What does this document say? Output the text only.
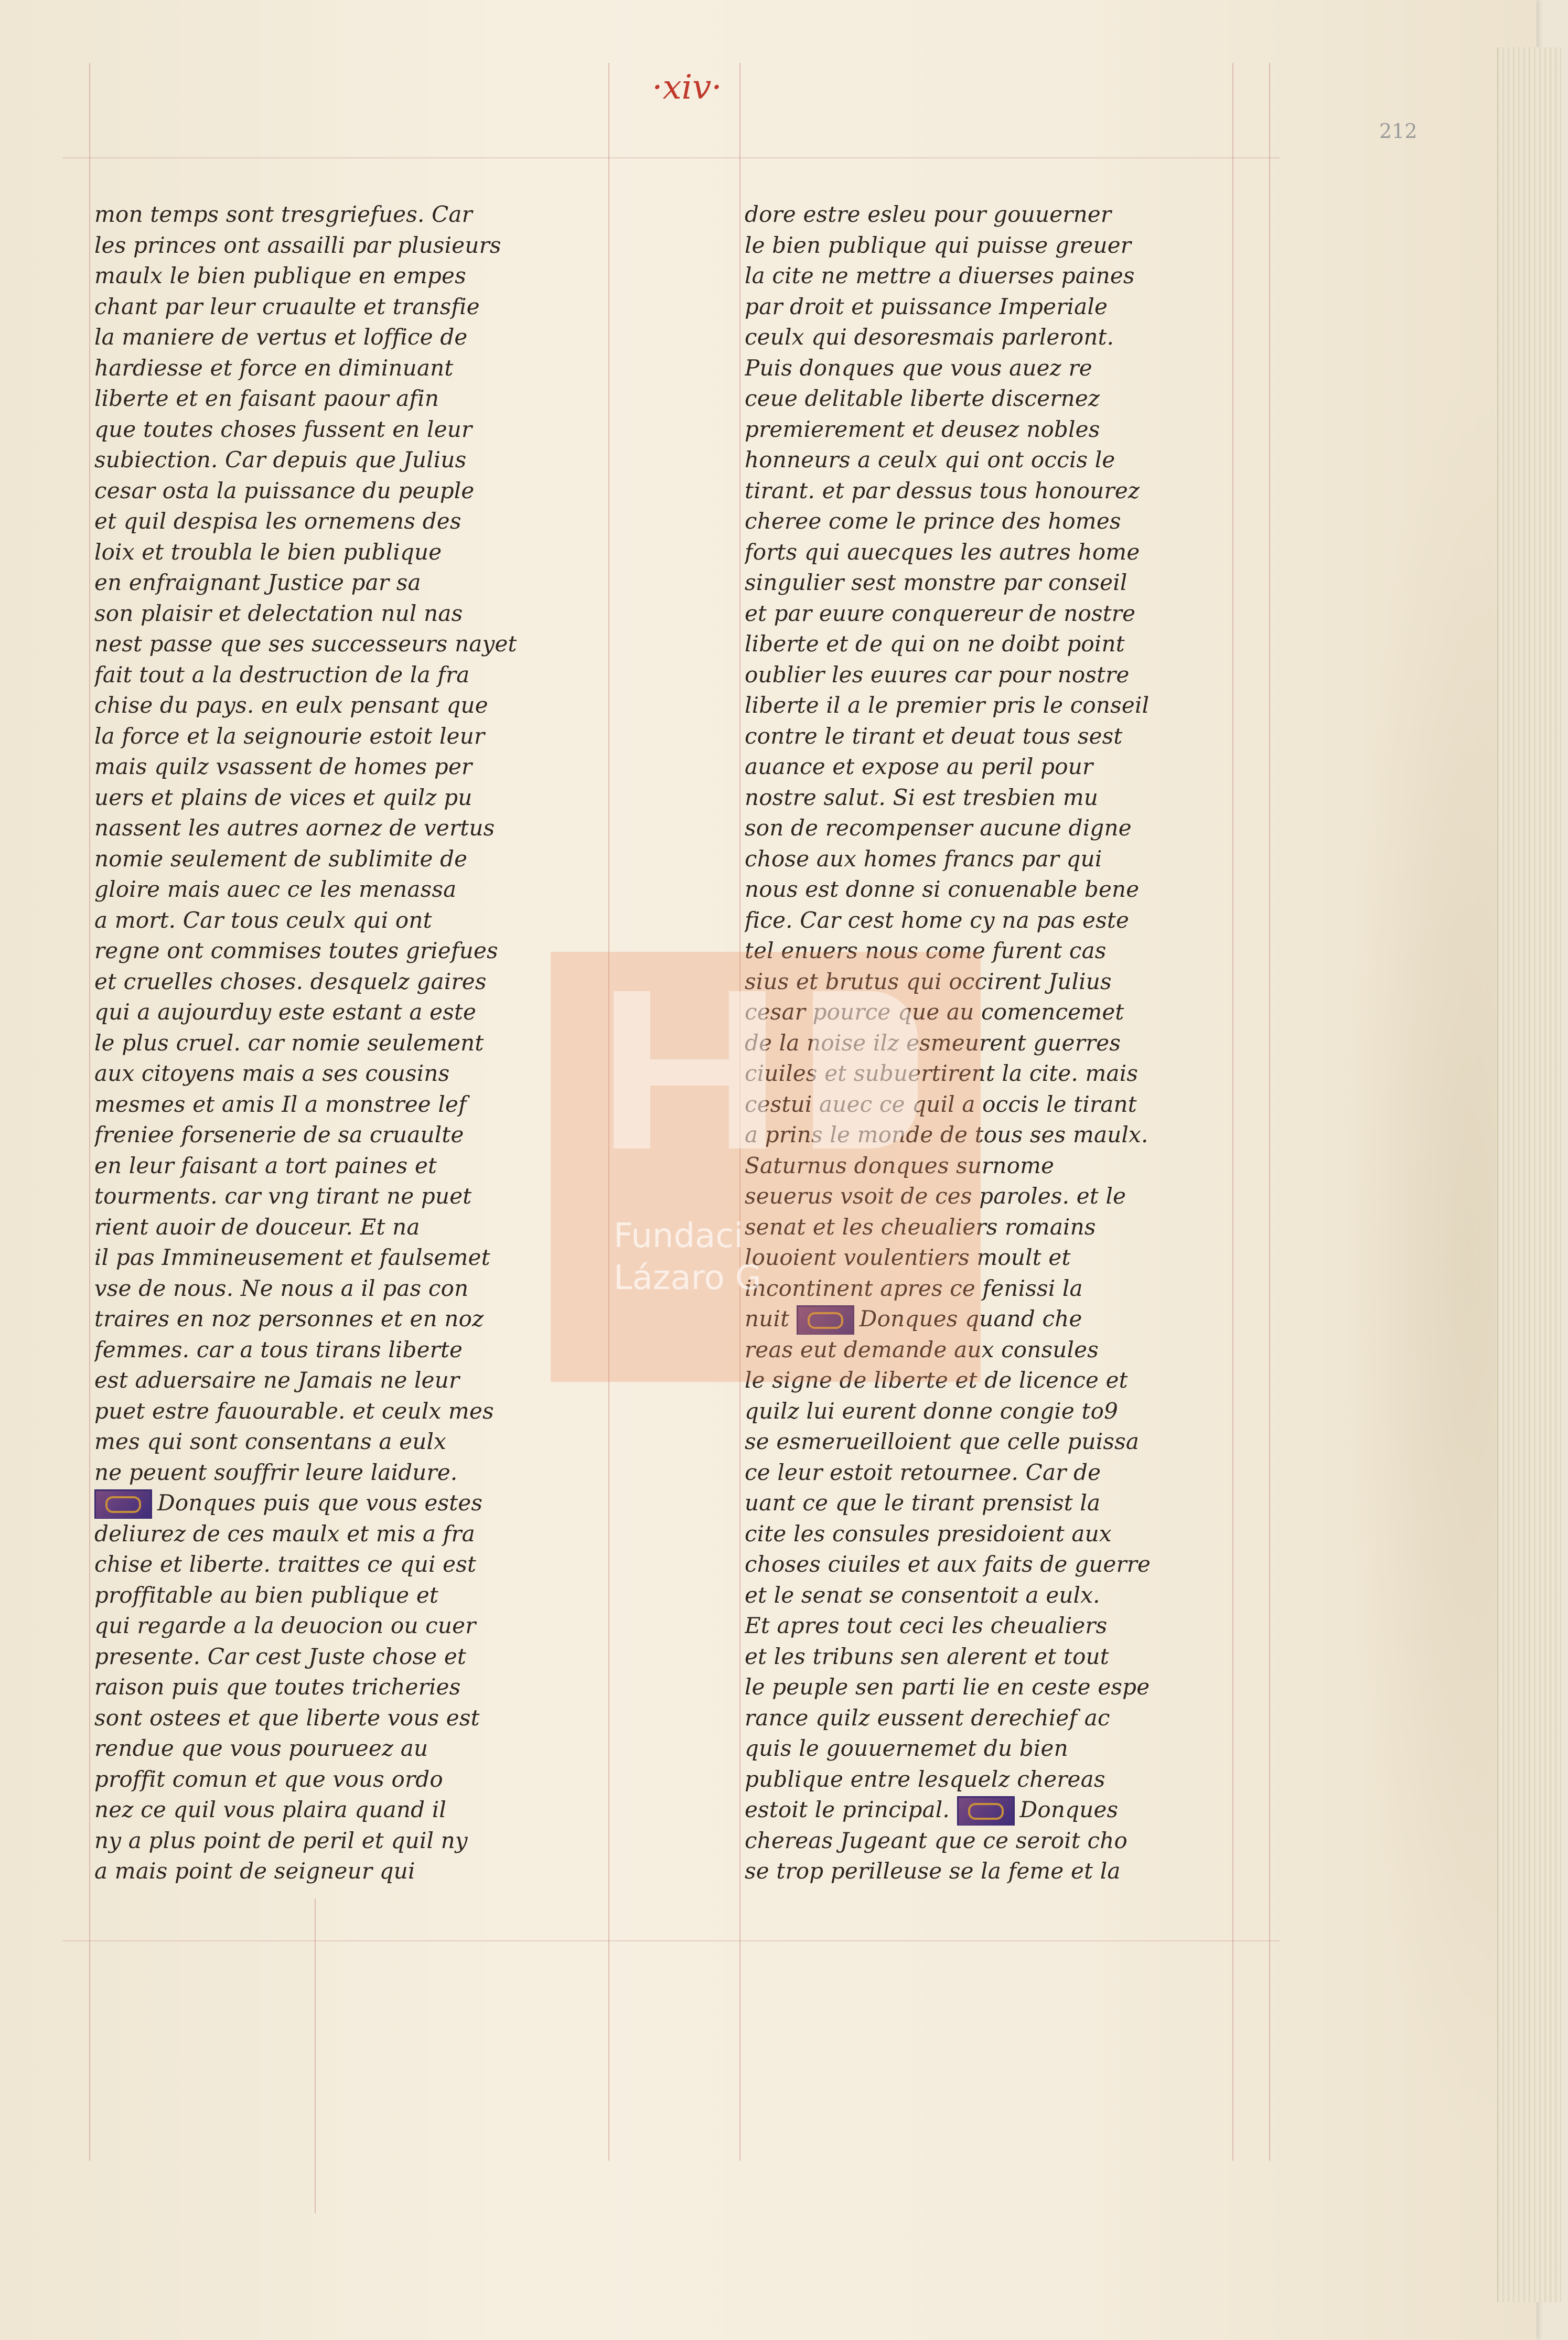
·xiv·
212
mon temps sont tresgriefues. Car
les princes ont assailli par plusieurs
maulx le bien publique en empes
chant par leur cruaulte et transfie
la maniere de vertus et loffice de
hardiesse et force en diminuant
liberte et en faisant paour afin
que toutes choses fussent en leur
subiection. Car depuis que Julius
cesar osta la puissance du peuple
et quil despisa les ornemens des
loix et troubla le bien publique
en enfraignant Justice par sa
son plaisir et delectation nul nas
nest passe que ses successeurs nayet
fait tout a la destruction de la fra
chise du pays. en eulx pensant que
la force et la seignourie estoit leur
mais quilz vsassent de homes per
uers et plains de vices et quilz pu
nassent les autres aornez de vertus
nomie seulement de sublimite de
gloire mais auec ce les menassa
a mort. Car tous ceulx qui ont
regne ont commises toutes griefues
et cruelles choses. desquelz gaires
qui a aujourduy este estant a este
le plus cruel. car nomie seulement
aux citoyens mais a ses cousins
mesmes et amis Il a monstree lef
freniee forsenerie de sa cruaulte
en leur faisant a tort paines et
tourments. car vng tirant ne puet
rient auoir de douceur. Et na
il pas Immineusement et faulsemet
vse de nous. Ne nous a il pas con
traires en noz personnes et en noz
femmes. car a tous tirans liberte
est aduersaire ne Jamais ne leur
puet estre fauourable. et ceulx mes
mes qui sont consentans a eulx
ne peuent souffrir leure laidure.
Donques puis que vous estes
deliurez de ces maulx et mis a fra
chise et liberte. traittes ce qui est
proffitable au bien publique et
qui regarde a la deuocion ou cuer
presente. Car cest Juste chose et
raison puis que toutes tricheries
sont ostees et que liberte vous est
rendue que vous pourueez au
proffit comun et que vous ordo
nez ce quil vous plaira quand il
ny a plus point de peril et quil ny
a mais point de seigneur qui
dore estre esleu pour gouuerner
le bien publique qui puisse greuer
la cite ne mettre a diuerses paines
par droit et puissance Imperiale
ceulx qui desoresmais parleront.
Puis donques que vous auez re
ceue delitable liberte discernez
premierement et deusez nobles
honneurs a ceulx qui ont occis le
tirant. et par dessus tous honourez
cheree come le prince des homes
forts qui auecques les autres home
singulier sest monstre par conseil
et par euure conquereur de nostre
liberte et de qui on ne doibt point
oublier les euures car pour nostre
liberte il a le premier pris le conseil
contre le tirant et deuat tous sest
auance et expose au peril pour
nostre salut. Si est tresbien mu
son de recompenser aucune digne
chose aux homes francs par qui
nous est donne si conuenable bene
fice. Car cest home cy na pas este
tel enuers nous come furent cas
sius et brutus qui occirent Julius
cesar pource que au comencemet
de la noise ilz esmeurent guerres
ciuiles et subuertirent la cite. mais
cestui auec ce quil a occis le tirant
a prins le monde de tous ses maulx.
Saturnus donques surnome
seuerus vsoit de ces paroles. et le
senat et les cheualiers romains
louoient voulentiers moult et
incontinent apres ce fenissi la
nuit	Donques quand che
reas eut demande aux consules
le signe de liberte et de licence et
quilz lui eurent donne congie to9
se esmerueilloient que celle puissa
ce leur estoit retournee. Car de
uant ce que le tirant prensist la
cite les consules presidoient aux
choses ciuiles et aux faits de guerre
et le senat se consentoit a eulx.
Et apres tout ceci les cheualiers
et les tribuns sen alerent et tout
le peuple sen parti lie en ceste espe
rance quilz eussent derechief ac
quis le gouuernemet du bien
publique entre lesquelz chereas
estoit le principal.	Donques
chereas Jugeant que ce seroit cho
se trop perilleuse se la feme et la
Fundaci
Lázaro G
